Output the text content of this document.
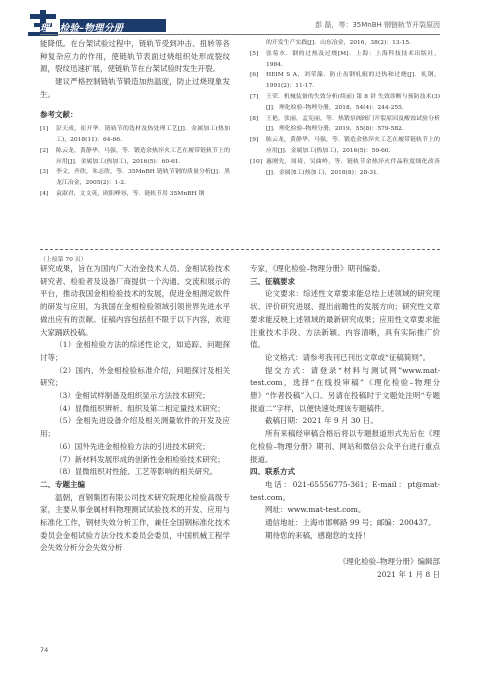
理化检验–物理分册	彭 磊，等：35MnBH 钢链轨节开裂原因

能降低。在台架试验过程中，链轨节受到冲击、扭转等各种复杂应力的作用，使链轨节表面过烧组织处形成裂纹源，裂纹迅速扩展，使链轨节在台架试验时发生开裂。

建议严格控制链轨节锻造加热温度，防止过烧现象发生。

参考文献：
[1]	彭天成，崔开华．链轨节的选材及热处理工艺[J]．金属加工(热加工)，2018(11)：64-66.
[2]	陈云龙，黄静华，马强，等．锻造余热淬火工艺在履带链轨节上的应用[J]．金属加工(热加工)，2016(5)：60-61.
[3]	李文，齐欣，朱志欣，等．35MnBH 链轨节钢的质量分析[J]．黑龙江冶金，2005(2)：1-2.
[4]	袁淑君，文文英，欧阳峥容，等．链轨节用 35MnBH 钢
的开发生产实践[J]．山东冶金，2016，38(2)：13-15.
[5]	张菊水．钢的过热及过烧[M]．上海：上海科技技术出版社，1984.
[6]	HEIM S A，刘荣藻．防止齿钢轧辊的过热和过烧[J]．轧钢，1991(2)：11-17.
[7]	王荣．机械装备的失效分析(续前) 第 8 讲 失效诊断与预防技术(3)[J]．理化检验–物理分册，2018，54(4)：244-255.
[8]	王艳，张丽，孟宪丽，等．热锻泵阀阀门开裂原因及酸蚀试验分析[J]．理化检验–物理分册，2019，55(8)：579-582.
[9]	陈云龙，黄静华，马强，等．锻造余热淬火工艺在履带链轨节上的应用[J]．金属加工(热加工)，2016(5)：59-60.
[10] 惠刚先，周琦，吴曲岭，等．链轨节余热淬火件晶粒度细化改善[J]．金属加工(热加工)，2018(8)：28-31.
（上接第 70 页）

研究成果，旨在为国内广大冶金技术人员、金相试验技术研究者、检验者及设备厂商提供一个沟通、交流和展示的平台，推动我国金相检验技术的发展，促进金相测定软件的研发与应用，为我国在金相检验领域引领世界先进水平做出应有的贡献。征稿内容包括但不限于以下内容，欢迎大家踊跃投稿。

（1）金相检验方法的综述性论文，如追踪、问题探讨等；

（2）国内、外金相检验标准介绍，问题探讨及相关研究；

（3）金相试样制备及组织显示方法技术研究；

（4）显微组织辨析、组织及第二相定量技术研究；

（5）金相先进设备介绍及相关测量软件的开发及应用；

（6）国外先进金相检验方法的引进技术研究；

（7）新材料发展形成的创新性金相检验技术研究；

（8）显微组织对性能、工艺等影响的相关研究。

二、专题主编

温朝，首钢集团有限公司技术研究院理化检验高级专家，主要从事金属材料物理测试试验技术的开发、应用与标准化工作，钢材失效分析工作，兼任全国钢标准化技术委员会金相试验方法分技术委员会委员，中国机械工程学会失效分析分会失效分析

专家，《理化检验–物理分册》期刊编委。

三、征稿要求

论文要求：综述性文章要求能总结上述领域的研究现状、评价研究进展、提出前瞻性的发展方向；研究性文章要求能反映上述领域的最新研究成果；应用性文章要求能注重技术手段、方法新颖、内容清晰，具有实际推广价值。

论文格式：请参考我刊已刊出文章或“征稿简则”。

提交方式：请登录“材料与测试网”www.mat-test.com，选择“在线投审稿”《理化检验–物理分册》“作者投稿”入口。另请在投稿时于文题处注明“专题报道二”字样，以便快速处理该专题稿件。

截稿日期：2021 年 9 月 30 日。

所有来稿经审稿合格后将以专题报道形式先后在《理化检验–物理分册》期刊、网站和微信公众平台进行重点报道。

四、联系方式

电话：021-65556775-361；E-mail：pt@mat-test.com。

网址：www.mat-test.com。

通信地址：上海市邯郸路 99 号；邮编：200437。

期待您的来稿，感谢您的支持！

《理化检验–物理分册》编辑部

2021 年 1 月 8 日

74
